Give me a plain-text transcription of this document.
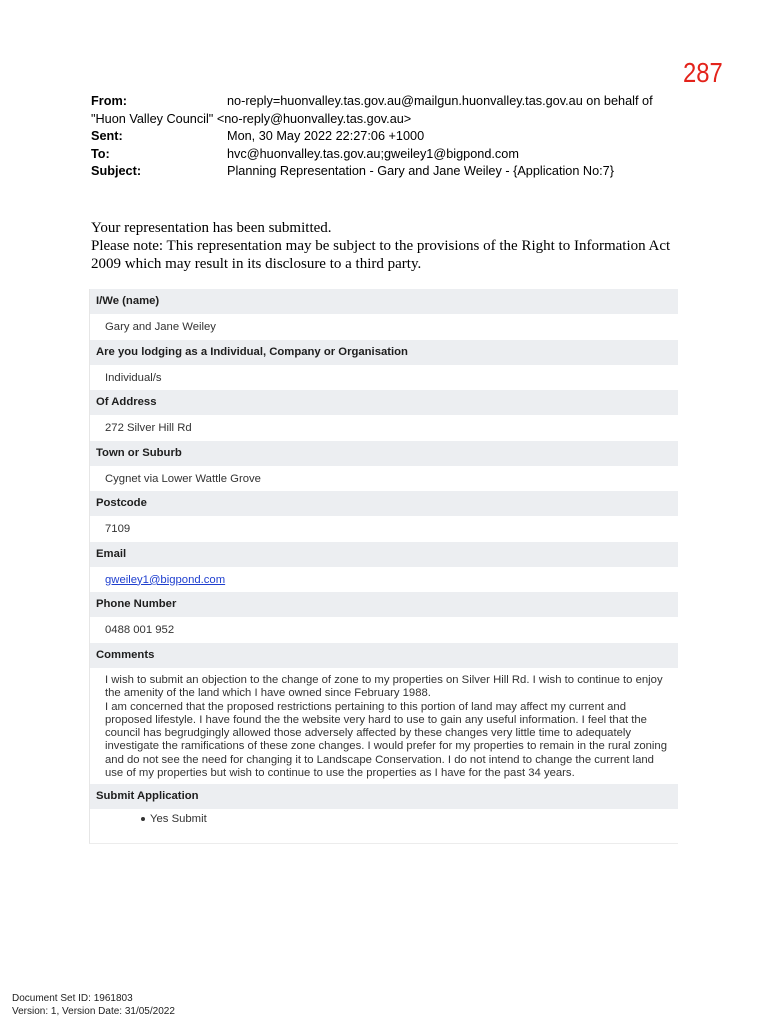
287
From:	no-reply=huonvalley.tas.gov.au@mailgun.huonvalley.tas.gov.au on behalf of "Huon Valley Council" <no-reply@huonvalley.tas.gov.au>
Sent:	Mon, 30 May 2022 22:27:06 +1000
To:	hvc@huonvalley.tas.gov.au;gweiley1@bigpond.com
Subject:	Planning Representation - Gary and Jane Weiley - {Application No:7}
Your representation has been submitted.
Please note: This representation may be subject to the provisions of the Right to Information Act 2009 which may result in its disclosure to a third party.
I/We (name)
Gary and Jane Weiley
Are you lodging as a Individual, Company or Organisation
Individual/s
Of Address
272 Silver Hill Rd
Town or Suburb
Cygnet via Lower Wattle Grove
Postcode
7109
Email
gweiley1@bigpond.com
Phone Number
0488 001 952
Comments
I wish to submit an objection to the change of zone to my properties on Silver Hill Rd. I wish to continue to enjoy
the amenity of the land which I have owned since February 1988.
I am concerned that the proposed restrictions pertaining to this portion of land may affect my current and
proposed lifestyle. I have found the the website very hard to use to gain any useful information. I feel that the
council has begrudgingly allowed those adversely affected by these changes very little time to adequately
investigate the ramifications of these zone changes. I would prefer for my properties to remain in the rural zoning
and do not see the need for changing it to Landscape Conservation. I do not intend to change the current land
use of my properties but wish to continue to use the properties as I have for the past 34 years.
Submit Application
Yes Submit
Document Set ID: 1961803
Version: 1, Version Date: 31/05/2022
